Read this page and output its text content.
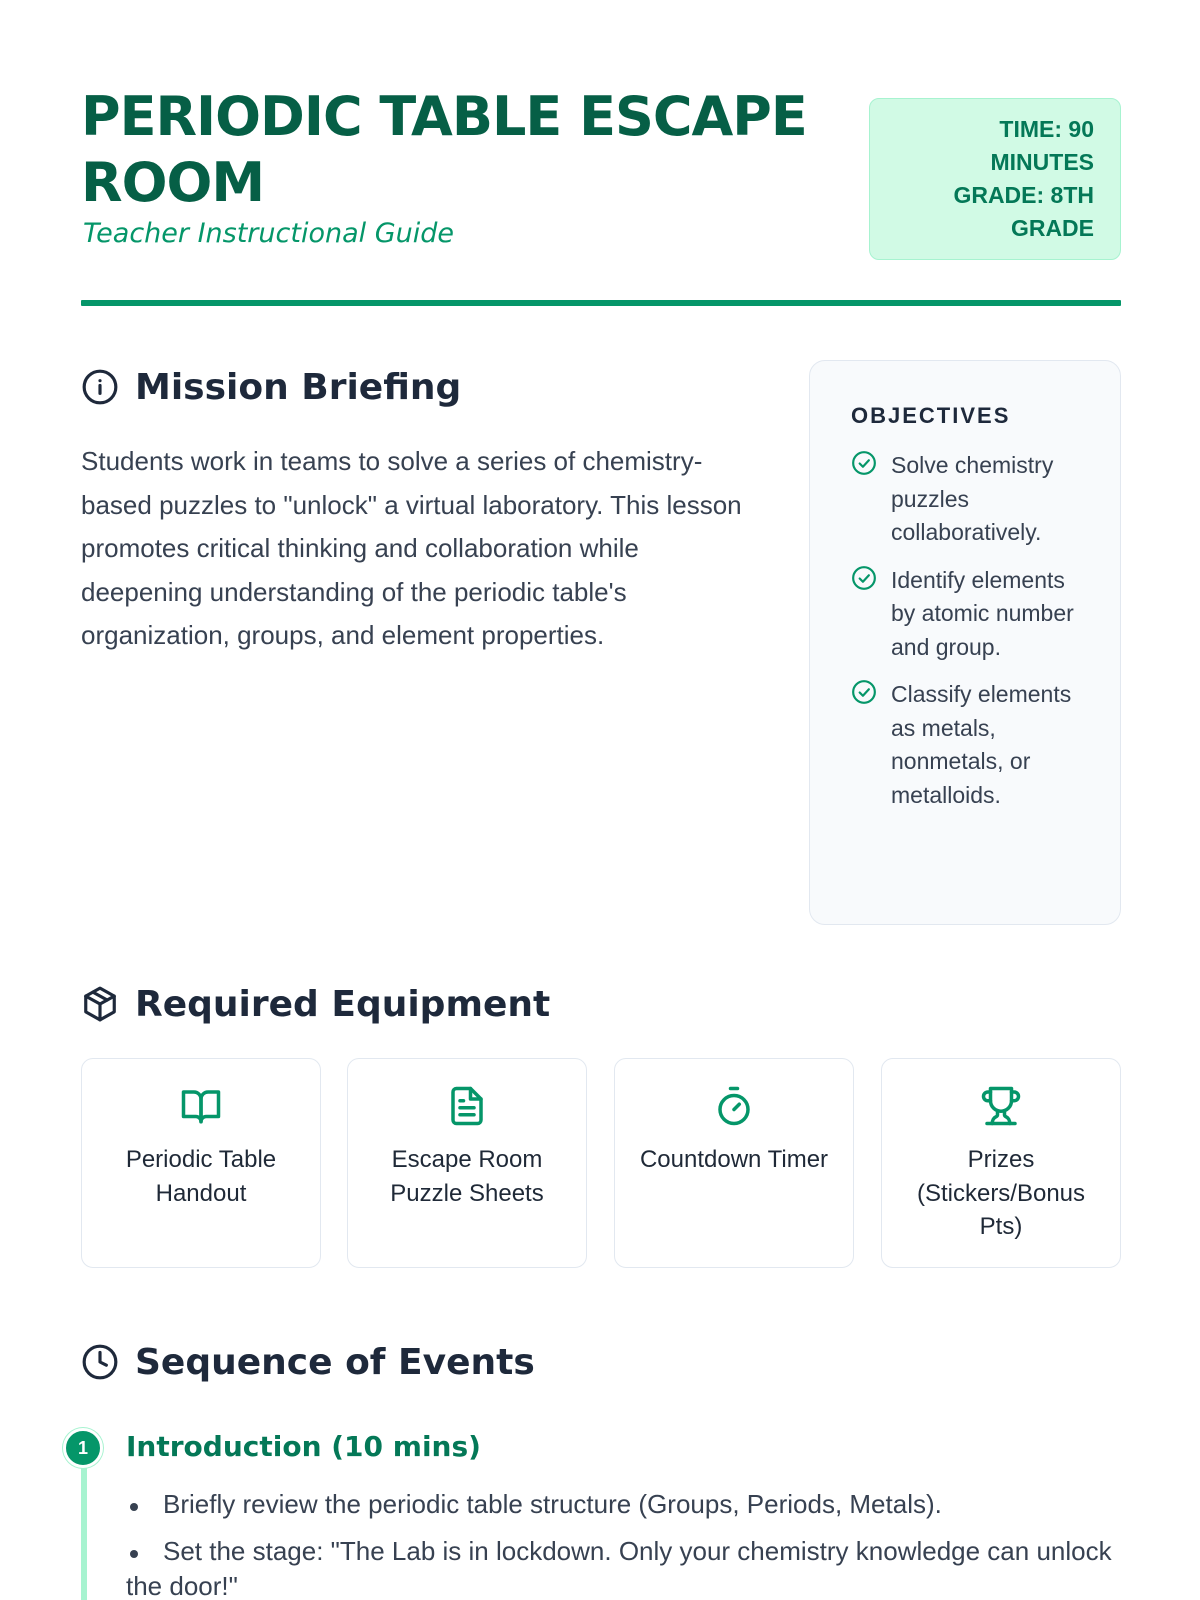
PERIODIC TABLE ESCAPE ROOM
Teacher Instructional Guide
TIME: 90
MINUTES
GRADE: 8TH
GRADE
Mission Briefing

Students work in teams to solve a series of chemistry-based puzzles to "unlock" a virtual laboratory. This lesson promotes critical thinking and collaboration while deepening understanding of the periodic table's organization, groups, and element properties.

OBJECTIVES
Solve chemistry puzzles collaboratively.
Identify elements by atomic number and group.
Classify elements as metals, nonmetals, or metalloids.
Required Equipment
Periodic Table Handout
Escape Room Puzzle Sheets
Countdown Timer	Prizes (Stickers/Bonus Pts)
Sequence of Events
1	Introduction (10 mins)
Briefly review the periodic table structure (Groups, Periods, Metals).
Set the stage: "The Lab is in lockdown. Only your chemistry knowledge can unlock the door!"
